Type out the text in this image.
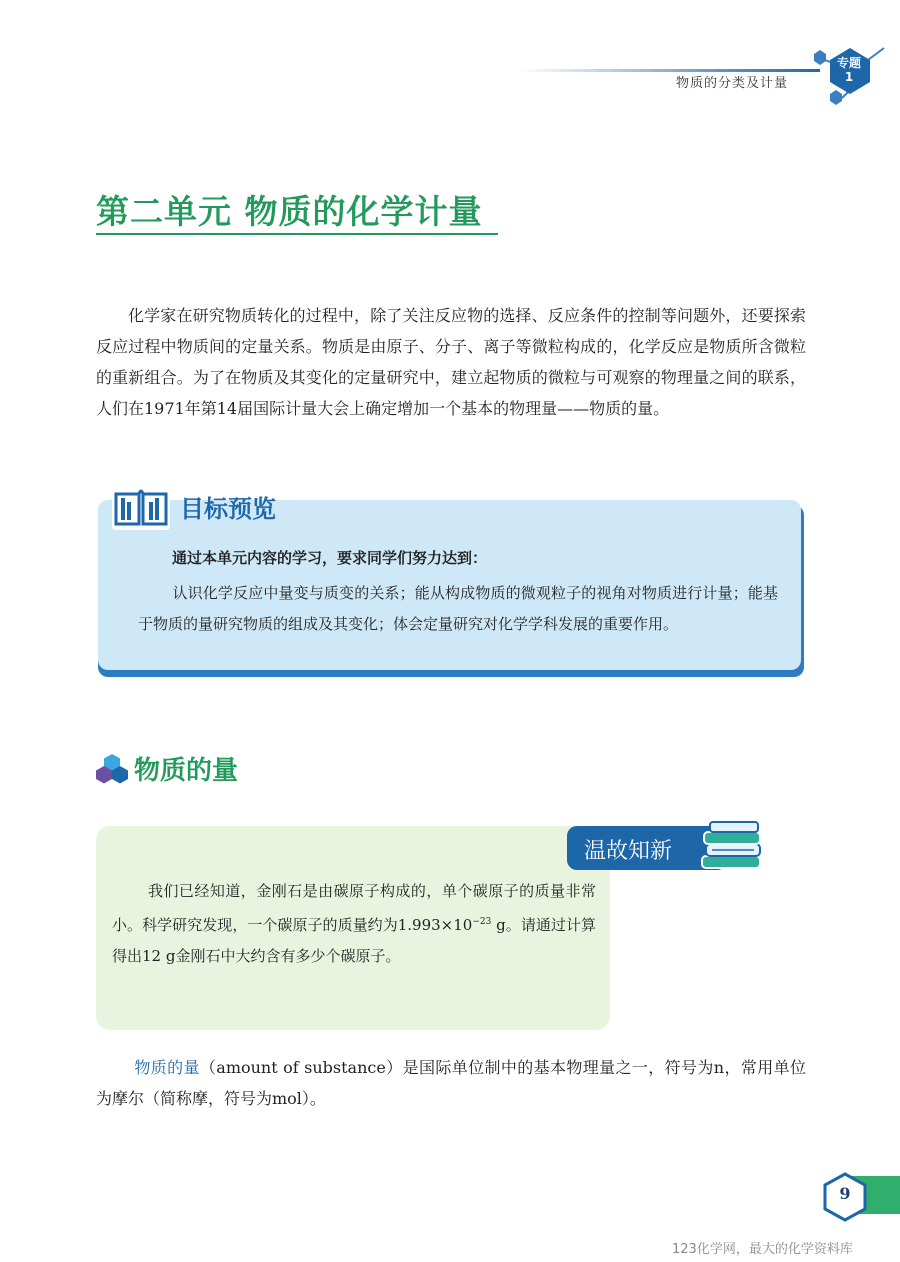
物质的分类及计量
专题
1
第二单元 物质的化学计量
化学家在研究物质转化的过程中，除了关注反应物的选择、反应条件的控制等问题外，还要探索反应过程中物质间的定量关系。物质是由原子、分子、离子等微粒构成的，化学反应是物质所含微粒的重新组合。为了在物质及其变化的定量研究中，建立起物质的微粒与可观察的物理量之间的联系，人们在1971年第14届国际计量大会上确定增加一个基本的物理量——物质的量。
目标预览
通过本单元内容的学习，要求同学们努力达到：
认识化学反应中量变与质变的关系；能从构成物质的微观粒子的视角对物质进行计量；能基于物质的量研究物质的组成及其变化；体会定量研究对化学学科发展的重要作用。
物质的量
温故知新
我们已经知道，金刚石是由碳原子构成的，单个碳原子的质量非常小。科学研究发现，一个碳原子的质量约为$1.993\times 10^{-23}$ g。请通过计算得出12 g金刚石中大约含有多少个碳原子。
物质的量（amount of substance）是国际单位制中的基本物理量之一，符号为n，常用单位为摩尔（简称摩，符号为mol）。
9
123化学网，最大的化学资料库
